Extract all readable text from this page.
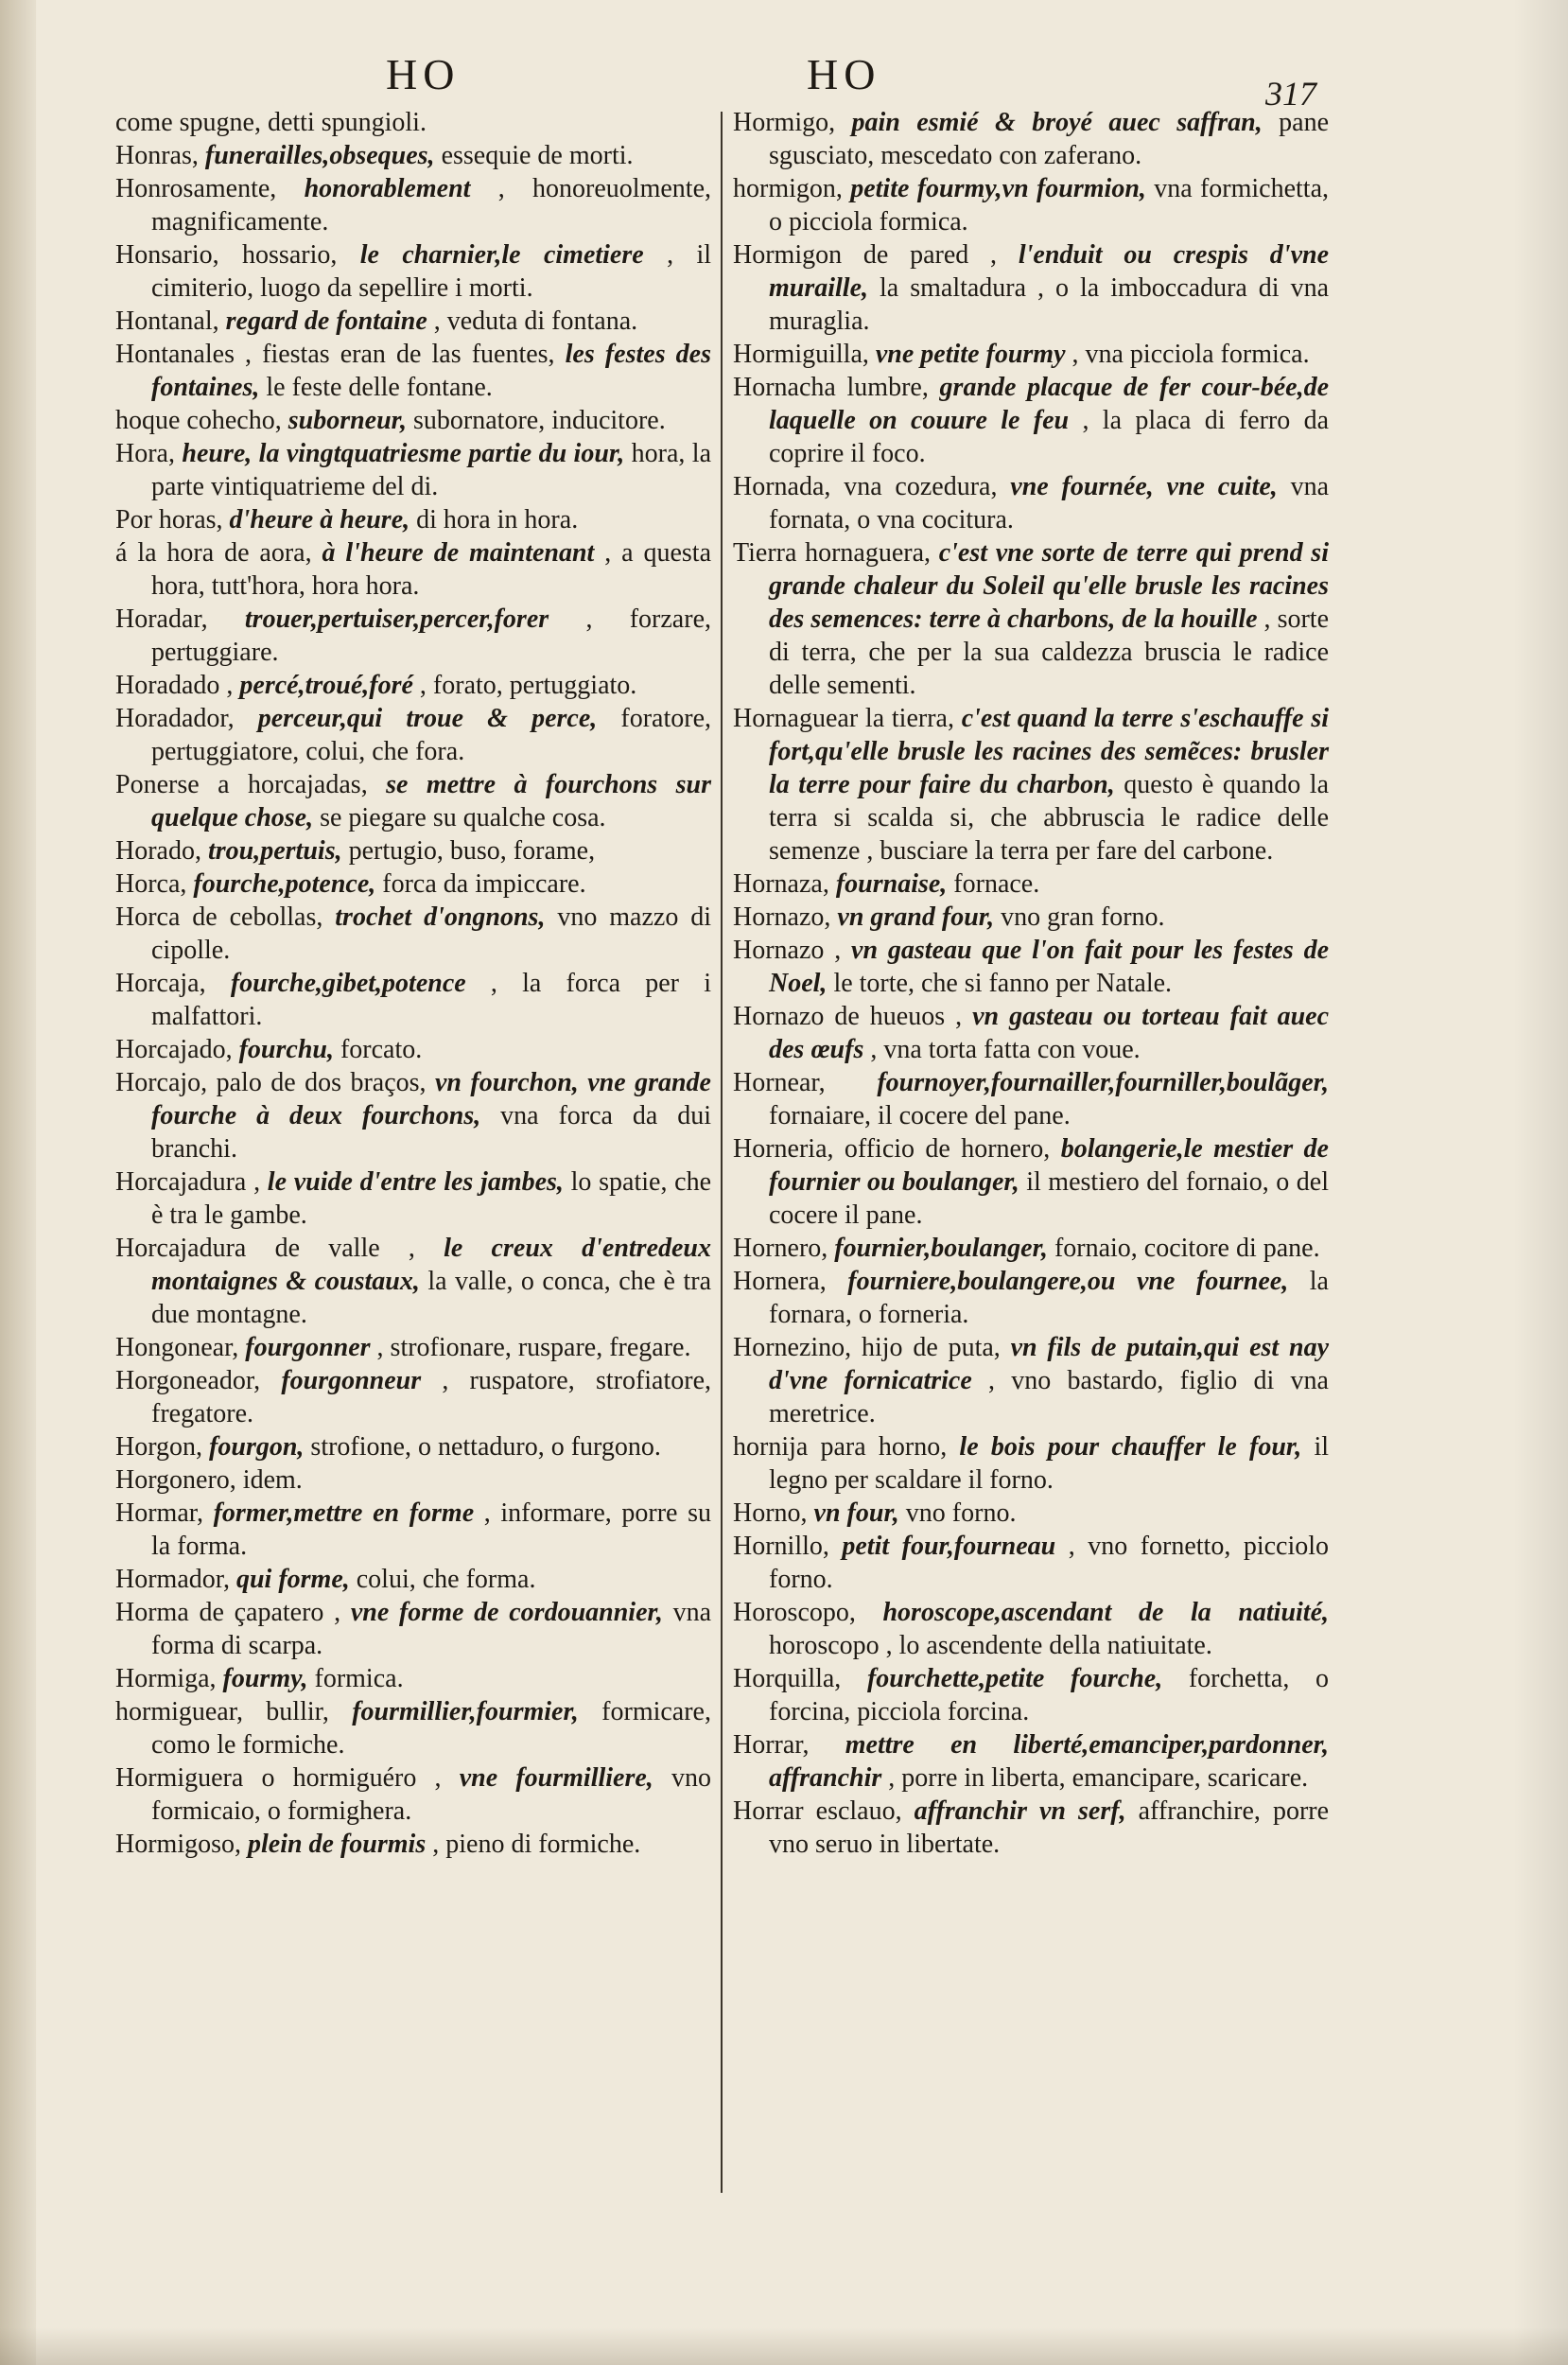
HO	HO	317
come spugne, detti spungioli.
Honras, funerailles,obseques, essequie de morti.
Honrosamente, honorablement , honoreuolmente, magnificamente.
Honsario, hossario, le charnier,le cimetiere , il cimiterio, luogo da sepellire i morti.
Hontanal, regard de fontaine , veduta di fontana.
Hontanales , fiestas eran de las fuentes, les festes des fontaines, le feste delle fontane.
hoque cohecho, suborneur, subornatore, inducitore.
Hora, heure, la vingtquatriesme partie du iour, hora, la parte vintiquatrieme del di.
Por horas, d'heure à heure, di hora in hora.
á la hora de aora, à l'heure de maintenant , a questa hora, tutt'hora, hora hora.
Horadar, trouer,pertuiser,percer,forer , forzare, pertuggiare.
Horadado , percé,troué,foré , forato, pertuggiato.
Horadador, perceur,qui troue & perce, foratore, pertuggiatore, colui, che fora.
Ponerse a horcajadas, se mettre à fourchons sur quelque chose, se piegare su qualche cosa.
Horado, trou,pertuis, pertugio, buso, forame,
Horca, fourche,potence, forca da impiccare.
Horca de cebollas, trochet d'ongnons, vno mazzo di cipolle.
Horcaja, fourche,gibet,potence , la forca per i malfattori.
Horcajado, fourchu, forcato.
Horcajo, palo de dos braços, vn fourchon, vne grande fourche à deux fourchons, vna forca da dui branchi.
Horcajadura , le vuide d'entre les jambes, lo spatie, che è tra le gambe.
Horcajadura de valle , le creux d'entredeux montaignes & coustaux, la valle, o conca, che è tra due montagne.
Hongonear, fourgonner , strofionare, ruspare, fregare.
Horgoneador, fourgonneur , ruspatore, strofiatore, fregatore.
Horgon, fourgon, strofione, o nettaduro, o furgono.
Horgonero, idem.
Hormar, former,mettre en forme , informare, porre su la forma.
Hormador, qui forme, colui, che forma.
Horma de çapatero , vne forme de cordouannier, vna forma di scarpa.
Hormiga, fourmy, formica.
hormiguear, bullir, fourmillier,fourmier, formicare, como le formiche.
Hormiguera o hormiguéro , vne fourmilliere, vno formicaio, o formighera.
Hormigoso, plein de fourmis , pieno di formiche.
Hormigo, pain esmié & broyé auec saffran, pane sgusciato, mescedato con zaferano.
hormigon, petite fourmy,vn fourmion, vna formichetta, o picciola formica.
Hormigon de pared , l'enduit ou crespis d'vne muraille, la smaltadura , o la imboccadura di vna muraglia.
Hormiguilla, vne petite fourmy , vna picciola formica.
Hornacha lumbre, grande placque de fer cour-bée,de laquelle on couure le feu , la placa di ferro da coprire il foco.
Hornada, vna cozedura, vne fournée, vne cuite, vna fornata, o vna cocitura.
Tierra hornaguera, c'est vne sorte de terre qui prend si grande chaleur du Soleil qu'elle brusle les racines des semences: terre à charbons, de la houille , sorte di terra, che per la sua caldezza bruscia le radice delle sementi.
Hornaguear la tierra, c'est quand la terre s'eschauffe si fort,qu'elle brusle les racines des semẽces: brusler la terre pour faire du charbon, questo è quando la terra si scalda si, che abbruscia le radice delle semenze , busciare la terra per fare del carbone.
Hornaza, fournaise, fornace.
Hornazo, vn grand four, vno gran forno.
Hornazo , vn gasteau que l'on fait pour les festes de Noel, le torte, che si fanno per Natale.
Hornazo de hueuos , vn gasteau ou torteau fait auec des œufs , vna torta fatta con voue.
Hornear, fournoyer,fournailler,fourniller,boulãger, fornaiare, il cocere del pane.
Horneria, officio de hornero, bolangerie,le mestier de fournier ou boulanger, il mestiero del fornaio, o del cocere il pane.
Hornero, fournier,boulanger, fornaio, cocitore di pane.
Hornera, fourniere,boulangere,ou vne fournee, la fornara, o forneria.
Hornezino, hijo de puta, vn fils de putain,qui est nay d'vne fornicatrice , vno bastardo, figlio di vna meretrice.
hornija para horno, le bois pour chauffer le four, il legno per scaldare il forno.
Horno, vn four, vno forno.
Hornillo, petit four,fourneau , vno fornetto, picciolo forno.
Horoscopo, horoscope,ascendant de la natiuité, horoscopo , lo ascendente della natiuitate.
Horquilla, fourchette,petite fourche, forchetta, o forcina, picciola forcina.
Horrar, mettre en liberté,emanciper,pardonner, affranchir , porre in liberta, emancipare, scaricare.
Horrar esclauo, affranchir vn serf, affranchire, porre vno seruo in libertate.
